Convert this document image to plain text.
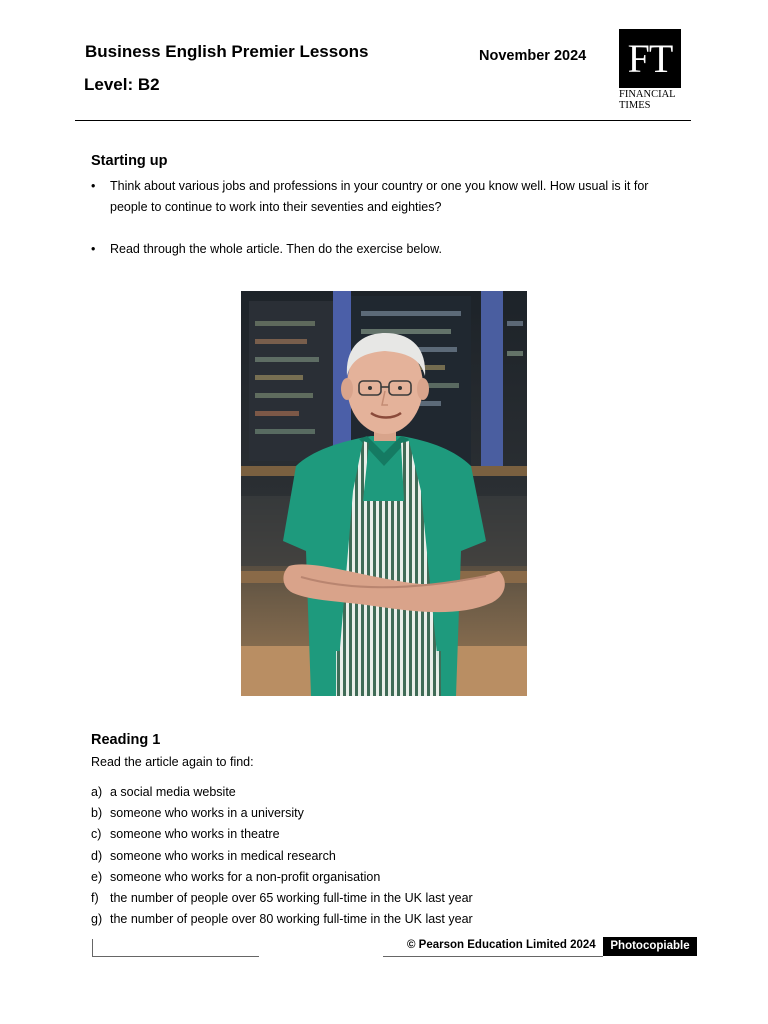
Business English Premier Lessons
Level: B2
November 2024 FT
FINANCIAL
TIMES
Starting up
• Think about various jobs and professions in your country or one you know well. How usual is it for people to continue to work into their seventies and eighties?
• Read through the whole article. Then do the exercise below.
Reading 1
Read the article again to find:
a) a social media website
b) someone who works in a university
c) someone who works in theatre
d) someone who works in medical research
e) someone who works for a non-profit organisation
f) the number of people over 65 working full-time in the UK last year
g) the number of people over 80 working full-time in the UK last year
© Pearson Education Limited 2024	Photocopiable
